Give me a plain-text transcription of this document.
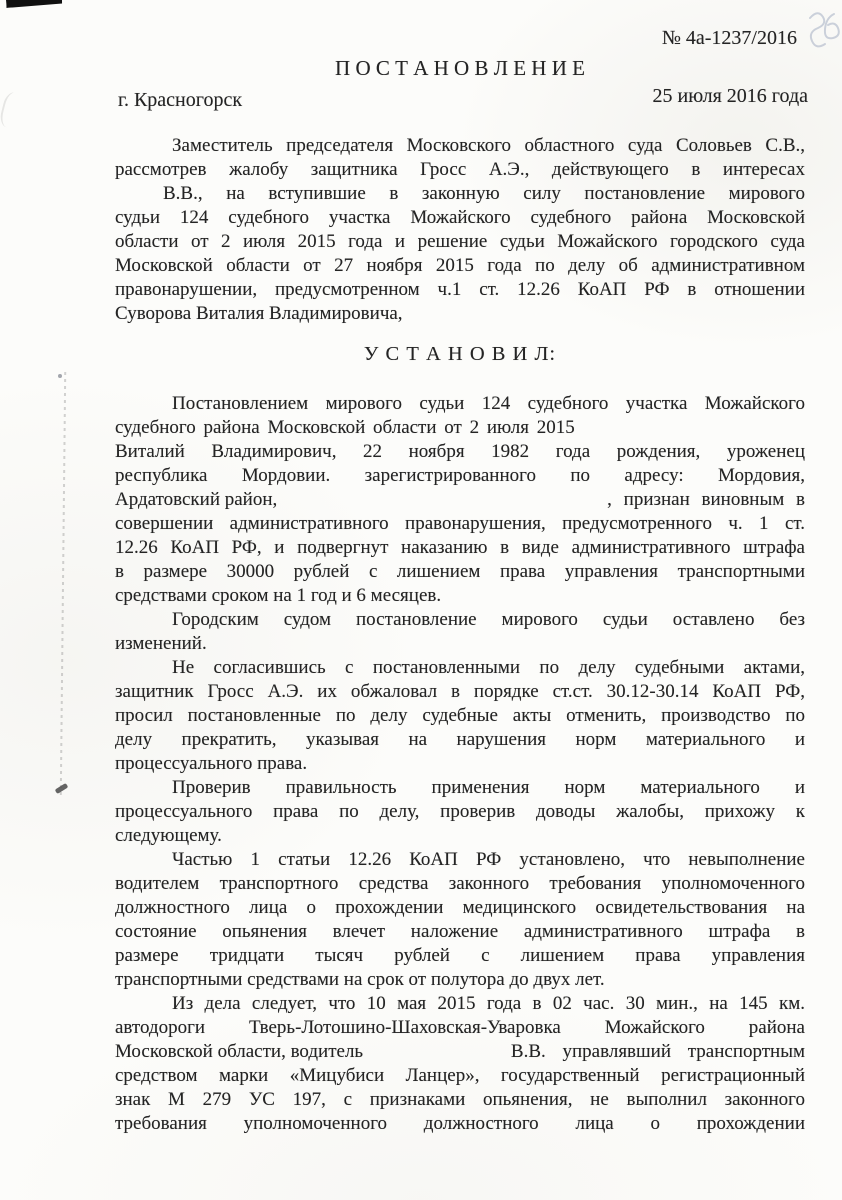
№ 4а-1237/2016
П О С Т А Н О В Л Е Н И Е
г. Красногорск	25 июля 2016 года
Заместитель председателя Московского областного суда Соловьев С.В.,
рассмотрев жалобу защитника Гросс А.Э., действующего в интересах
В.В., на вступившие в законную силу постановление мирового
судьи 124 судебного участка Можайского судебного района Московской
области от 2 июля 2015 года и решение судьи Можайского городского суда
Московской области от 27 ноября 2015 года по делу об административном
правонарушении, предусмотренном ч.1 ст. 12.26 КоАП РФ в отношении
Суворова Виталия Владимировича,
У С Т А Н О В И Л:
Постановлением мирового судьи 124 судебного участка Можайского
судебного района Московской области от 2 июля 2015
Виталий Владимирович, 22 ноября 1982 года рождения, уроженец
республика Мордовии. зарегистрированного по адресу: Мордовия,
Ардатовский район,	, признан виновным в
совершении административного правонарушения, предусмотренного ч. 1 ст.
12.26 КоАП РФ, и подвергнут наказанию в виде административного штрафа
в размере 30000 рублей с лишением права управления транспортными
средствами сроком на 1 год и 6 месяцев.
Городским судом постановление мирового судьи оставлено без
изменений.
Не согласившись с постановленными по делу судебными актами,
защитник Гросс А.Э. их обжаловал в порядке ст.ст. 30.12-30.14 КоАП РФ,
просил постановленные по делу судебные акты отменить, производство по
делу прекратить, указывая на нарушения норм материального и
процессуального права.
Проверив правильность применения норм материального и
процессуального права по делу, проверив доводы жалобы, прихожу к
следующему.
Частью 1 статьи 12.26 КоАП РФ установлено, что невыполнение
водителем транспортного средства законного требования уполномоченного
должностного лица о прохождении медицинского освидетельствования на
состояние опьянения влечет наложение административного штрафа в
размере тридцати тысяч рублей с лишением права управления
транспортными средствами на срок от полутора до двух лет.
Из дела следует, что 10 мая 2015 года в 02 час. 30 мин., на 145 км.
автодороги Тверь-Лотошино-Шаховская-Уваровка Можайского района
Московской области, водитель	В.В. управлявший транспортным
средством марки «Мицубиси Ланцер», государственный регистрационный
знак М 279 УС 197, с признаками опьянения, не выполнил законного
требования уполномоченного должностного лица о прохождении
